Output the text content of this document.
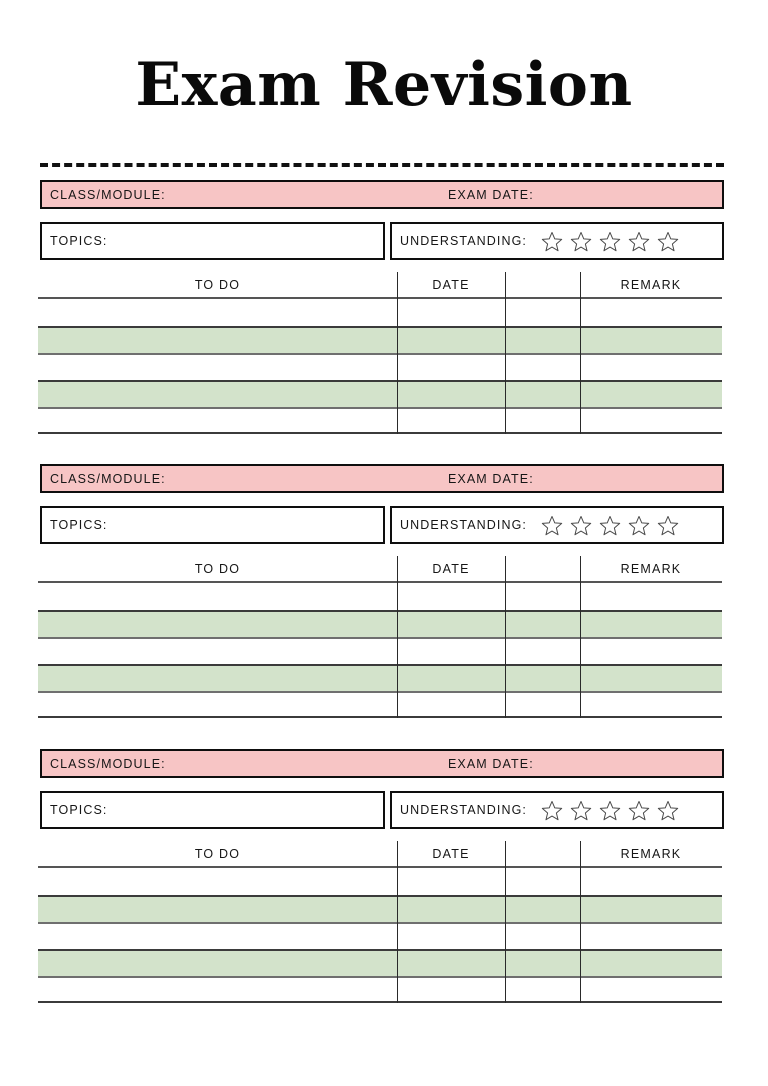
Exam Revision
CLASS/MODULE:	EXAM DATE:
TOPICS:	UNDERSTANDING:
TO DO	DATE	REMARK
CLASS/MODULE:	EXAM DATE:
TOPICS:	UNDERSTANDING:
TO DO	DATE	REMARK
CLASS/MODULE:	EXAM DATE:
TOPICS:	UNDERSTANDING:
TO DO	DATE	REMARK
